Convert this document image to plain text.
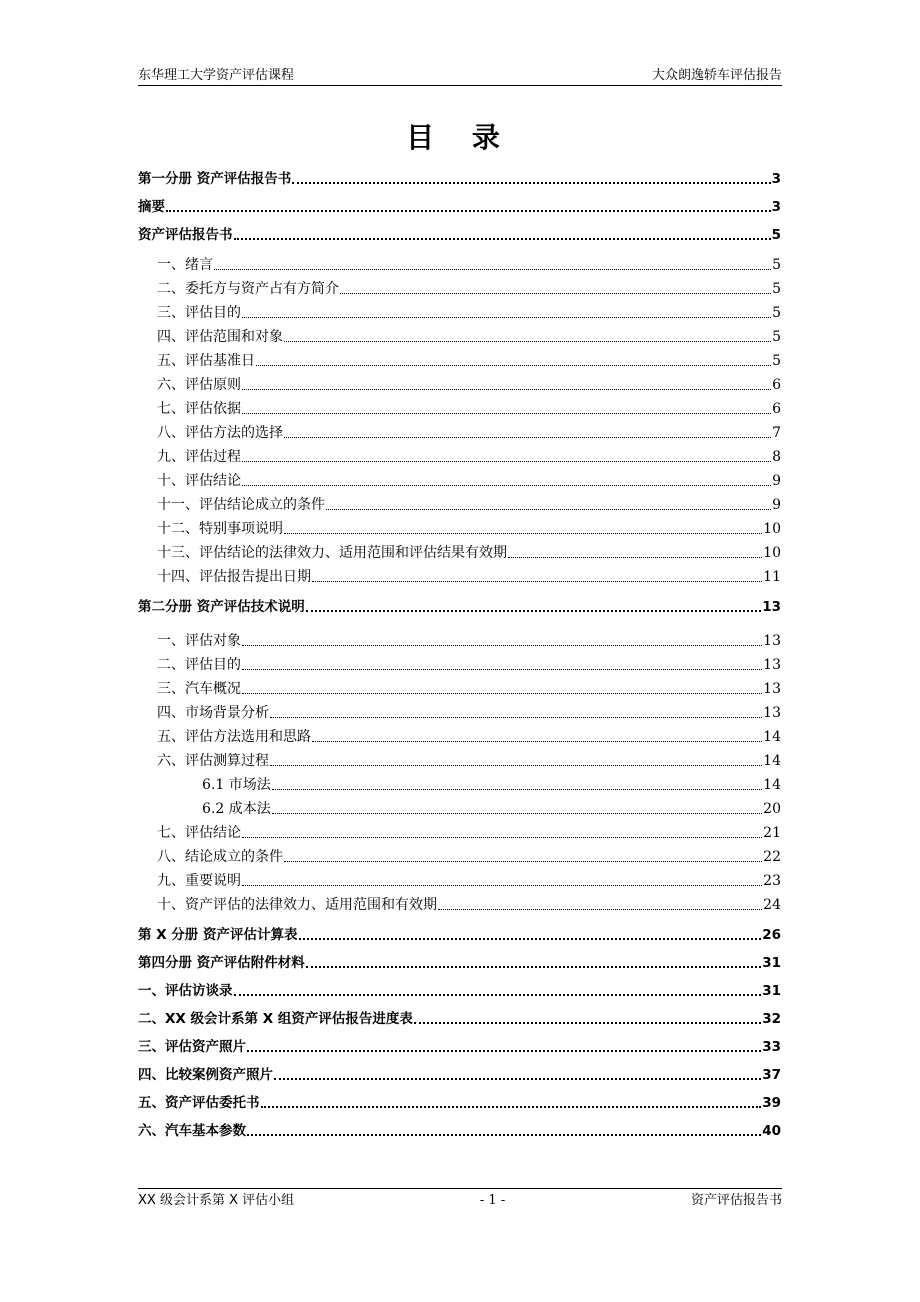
东华理工大学资产评估课程	大众朗逸轿车评估报告
目 录
第一分册 资产评估报告书	3
摘要	3
资产评估报告书	5
一、绪言	5
二、委托方与资产占有方简介	5
三、评估目的	5
四、评估范围和对象	5
五、评估基准日	5
六、评估原则	6
七、评估依据	6
八、评估方法的选择	7
九、评估过程	8
十、评估结论	9
十一、评估结论成立的条件	9
十二、特别事项说明	10
十三、评估结论的法律效力、适用范围和评估结果有效期	10
十四、评估报告提出日期	11
第二分册 资产评估技术说明	13
一、评估对象	13
二、评估目的	13
三、汽车概况	13
四、市场背景分析	13
五、评估方法选用和思路	14
六、评估测算过程	14
6.1 市场法	14
6.2 成本法	20
七、评估结论	21
八、结论成立的条件	22
九、重要说明	23
十、资产评估的法律效力、适用范围和有效期	24
第 X 分册 资产评估计算表	26
第四分册 资产评估附件材料	31
一、评估访谈录	31
二、XX 级会计系第 X 组资产评估报告进度表	32
三、评估资产照片	33
四、比较案例资产照片	37
五、资产评估委托书	39
六、汽车基本参数	40
XX 级会计系第 X 评估小组	- 1 -	资产评估报告书
